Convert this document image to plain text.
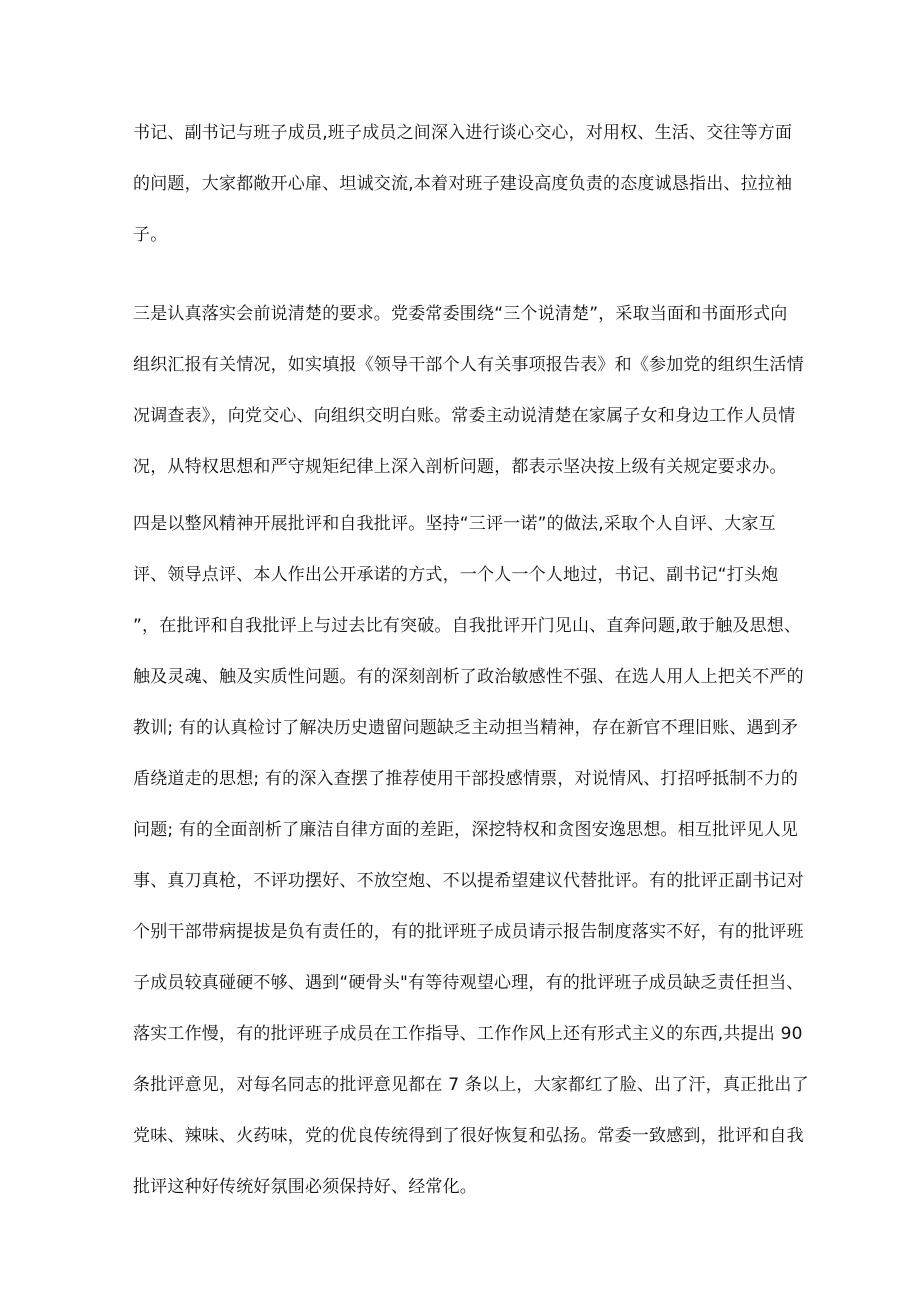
书记、副书记与班子成员,班子成员之间深入进行谈心交心，对用权、生活、交往等方面
的问题，大家都敞开心扉、坦诚交流,本着对班子建设高度负责的态度诚恳指出、拉拉袖
子。
三是认真落实会前说清楚的要求。党委常委围绕“三个说清楚”，采取当面和书面形式向
组织汇报有关情况，如实填报《领导干部个人有关事项报告表》和《参加党的组织生活情
况调查表》，向党交心、向组织交明白账。常委主动说清楚在家属子女和身边工作人员情
况，从特权思想和严守规矩纪律上深入剖析问题，都表示坚决按上级有关规定要求办。
四是以整风精神开展批评和自我批评。坚持“三评一诺”的做法,采取个人自评、大家互
评、领导点评、本人作出公开承诺的方式，一个人一个人地过，书记、副书记“打头炮
”，在批评和自我批评上与过去比有突破。自我批评开门见山、直奔问题,敢于触及思想、
触及灵魂、触及实质性问题。有的深刻剖析了政治敏感性不强、在选人用人上把关不严的
教训; 有的认真检讨了解决历史遗留问题缺乏主动担当精神，存在新官不理旧账、遇到矛
盾绕道走的思想; 有的深入查摆了推荐使用干部投感情票，对说情风、打招呼抵制不力的
问题; 有的全面剖析了廉洁自律方面的差距，深挖特权和贪图安逸思想。相互批评见人见
事、真刀真枪，不评功摆好、不放空炮、不以提希望建议代替批评。有的批评正副书记对
个别干部带病提拔是负有责任的，有的批评班子成员请示报告制度落实不好，有的批评班
子成员较真碰硬不够、遇到“硬骨头"有等待观望心理，有的批评班子成员缺乏责任担当、
落实工作慢，有的批评班子成员在工作指导、工作作风上还有形式主义的东西,共提出 90
条批评意见，对每名同志的批评意见都在 7 条以上，大家都红了脸、出了汗，真正批出了
党味、辣味、火药味，党的优良传统得到了很好恢复和弘扬。常委一致感到，批评和自我
批评这种好传统好氛围必须保持好、经常化。
